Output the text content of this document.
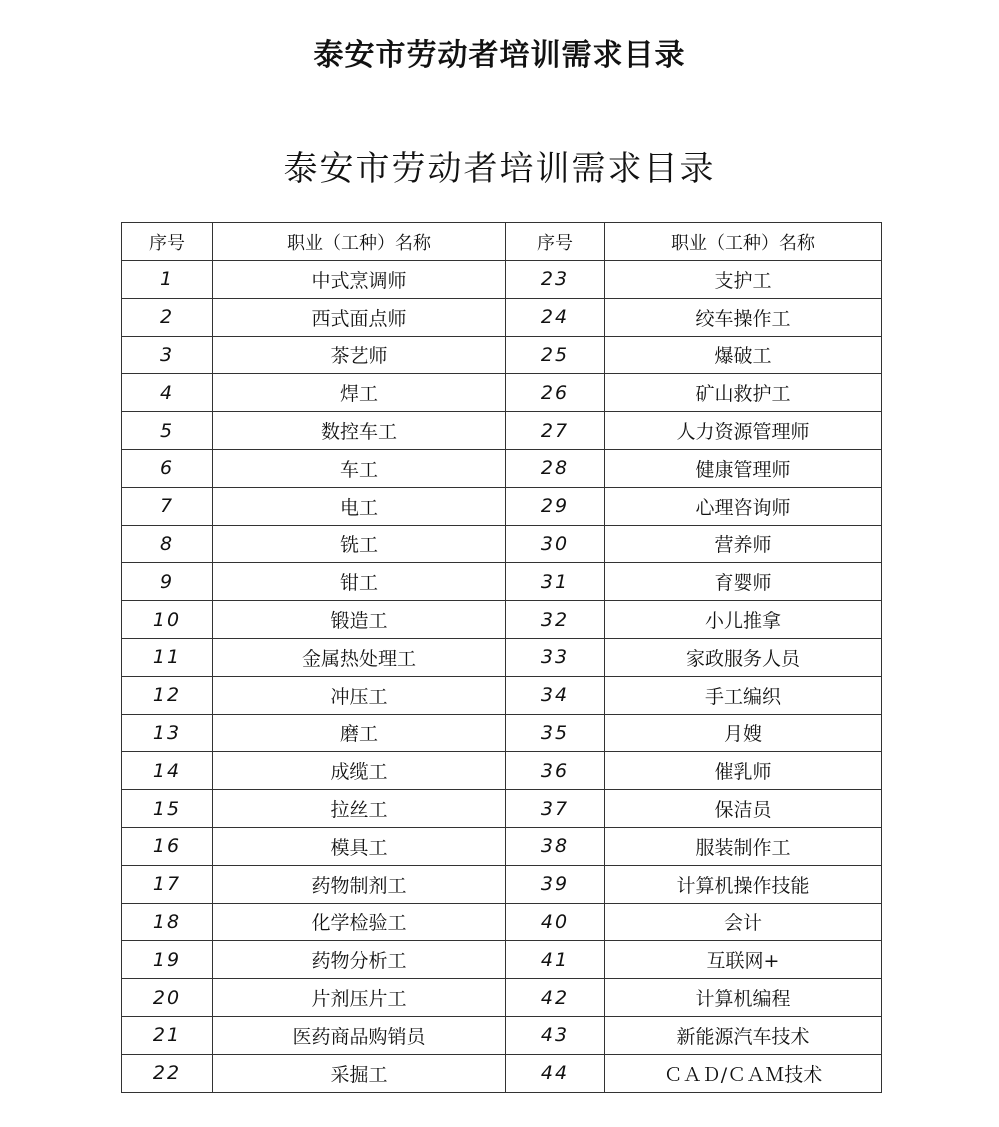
泰安市劳动者培训需求目录
泰安市劳动者培训需求目录
序号	职业（工种）名称	序号	职业（工种）名称
1	中式烹调师	23	支护工
2	西式面点师	24	绞车操作工
3	茶艺师	25	爆破工
4	焊工	26	矿山救护工
5	数控车工	27	人力资源管理师
6	车工	28	健康管理师
7	电工	29	心理咨询师
8	铣工	30	营养师
9	钳工	31	育婴师
10	锻造工	32	小儿推拿
11	金属热处理工	33	家政服务人员
12	冲压工	34	手工编织
13	磨工	35	月嫂
14	成缆工	36	催乳师
15	拉丝工	37	保洁员
16	模具工	38	服装制作工
17	药物制剂工	39	计算机操作技能
18	化学检验工	40	会计
19	药物分析工	41	互联网+
20	片剂压片工	42	计算机编程
21	医药商品购销员	43	新能源汽车技术
22	采掘工	44	ＣＡＤ/ＣＡＭ技术
